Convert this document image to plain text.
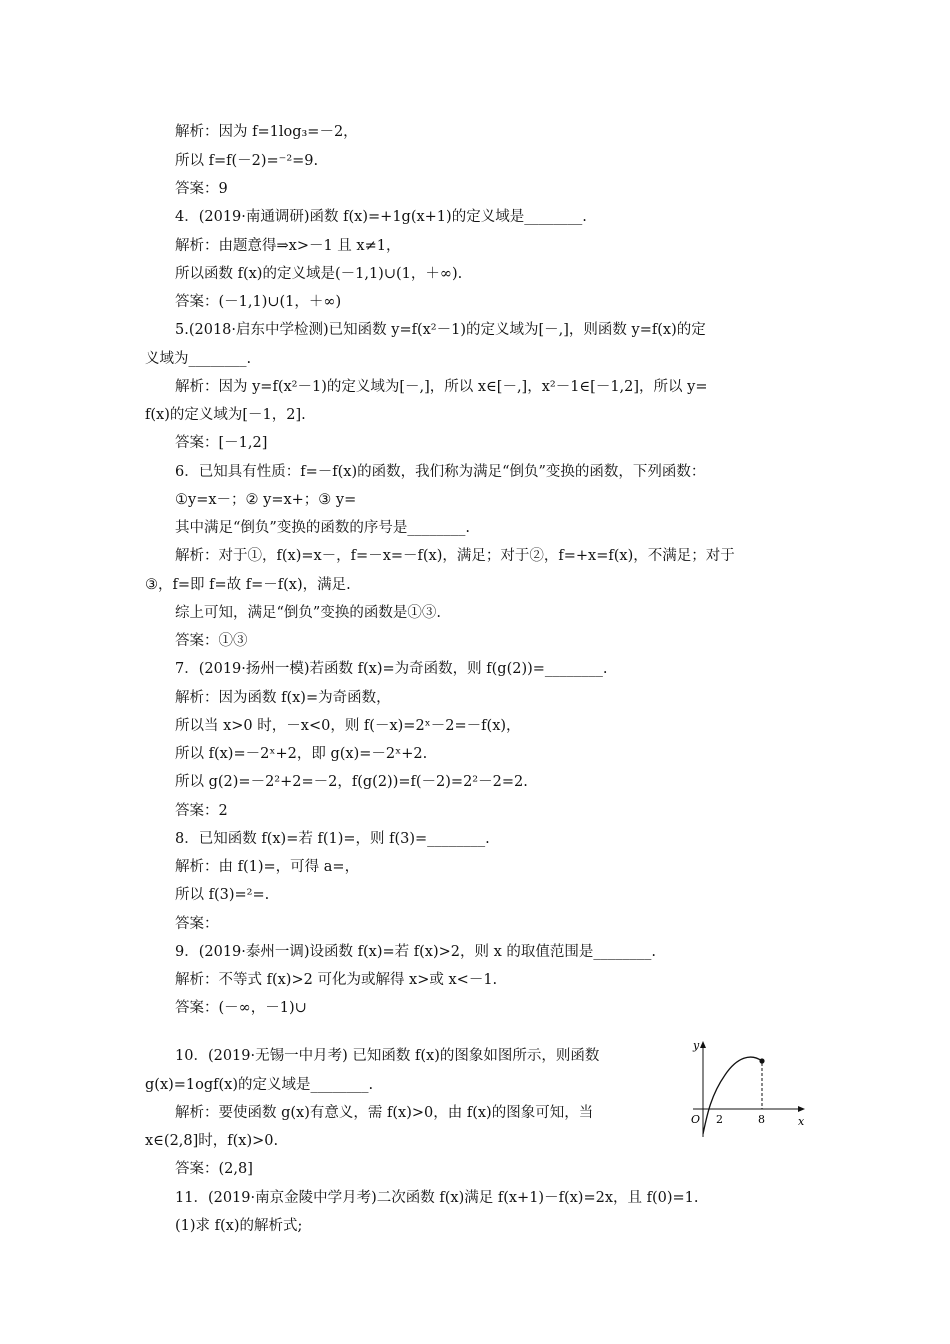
解析：因为 f=1log₃=－2，
所以 f=f(－2)=⁻²=9.
答案：9
4．(2019·南通调研)函数 f(x)=+1g(x+1)的定义域是________.
解析：由题意得⇒x>－1 且 x≠1，
所以函数 f(x)的定义域是(－1,1)∪(1，＋∞).
答案：(－1,1)∪(1，＋∞)
5.(2018·启东中学检测)已知函数 y=f(x²－1)的定义域为[－,]，则函数 y=f(x)的定
义域为________.
解析：因为 y=f(x²－1)的定义域为[－,]，所以 x∈[－,]，x²－1∈[－1,2]，所以 y=
f(x)的定义域为[－1，2].
答案：[－1,2]
6．已知具有性质：f=－f(x)的函数，我们称为满足“倒负”变换的函数，下列函数：
①y=x－；② y=x+；③ y=
其中满足“倒负”变换的函数的序号是________.
解析：对于①，f(x)=x－，f=－x=－f(x)，满足；对于②，f=+x=f(x)，不满足；对于
③，f=即 f=故 f=－f(x)，满足.
综上可知，满足“倒负”变换的函数是①③.
答案：①③
7．(2019·扬州一模)若函数 f(x)=为奇函数，则 f(g(2))=________.
解析：因为函数 f(x)=为奇函数，
所以当 x>0 时，－x<0，则 f(－x)=2ˣ－2=－f(x)，
所以 f(x)=－2ˣ+2，即 g(x)=－2ˣ+2.
所以 g(2)=－2²+2=－2，f(g(2))=f(－2)=2²－2=2.
答案：2
8．已知函数 f(x)=若 f(1)=，则 f(3)=________.
解析：由 f(1)=，可得 a=，
所以 f(3)=²=.
答案：
9．(2019·泰州一调)设函数 f(x)=若 f(x)>2，则 x 的取值范围是________.
解析：不等式 f(x)>2 可化为或解得 x>或 x<－1.
答案：(－∞，－1)∪
10．(2019·无锡一中月考) 已知函数 f(x)的图象如图所示，则函数
g(x)=1ogf(x)的定义域是________.
解析：要使函数 g(x)有意义，需 f(x)>0，由 f(x)的图象可知，当
x∈(2,8]时，f(x)>0.
答案：(2,8]
11．(2019·南京金陵中学月考)二次函数 f(x)满足 f(x+1)－f(x)=2x，且 f(0)=1.
(1)求 f(x)的解析式;
y
x
O 2	8
